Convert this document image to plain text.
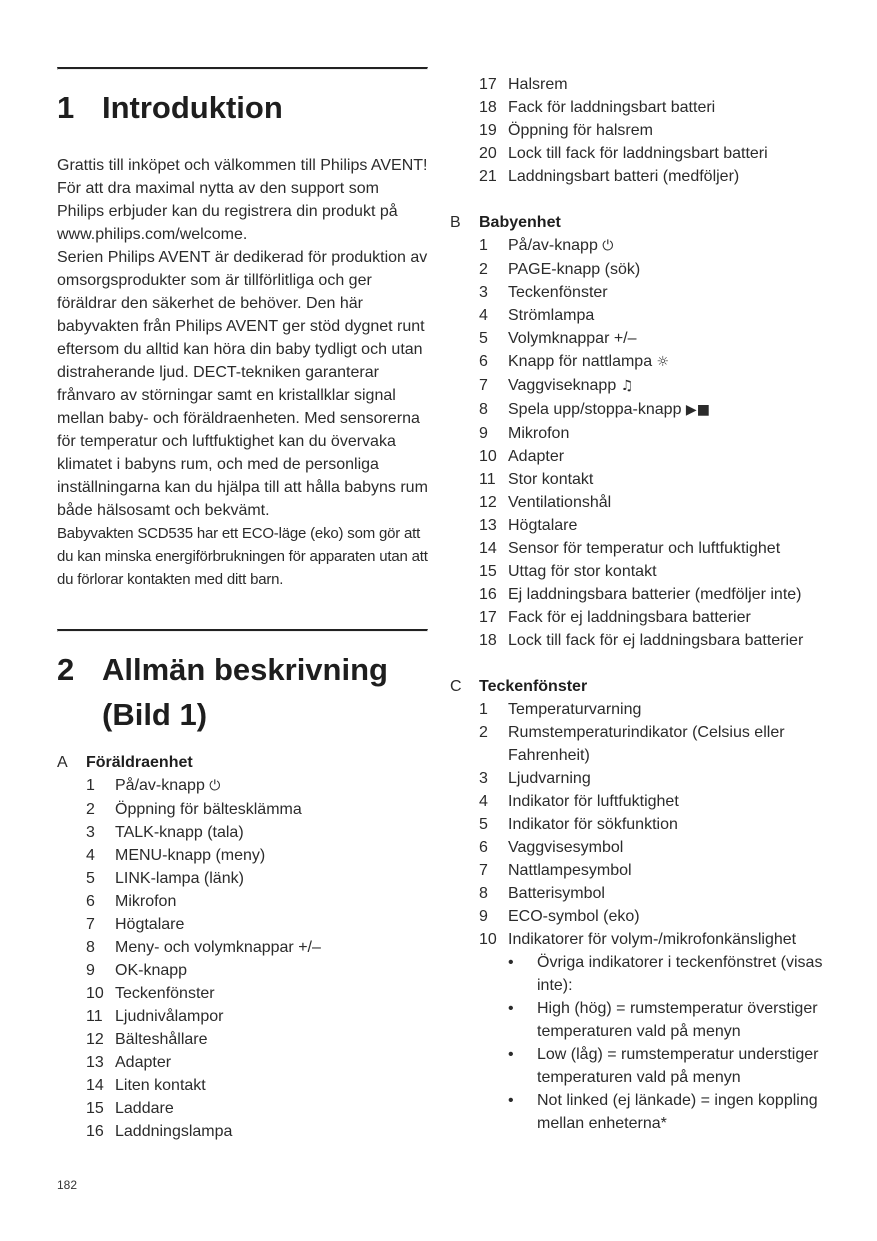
1 Introduktion

Grattis till inköpet och välkommen till Philips AVENT! För att dra maximal nytta av den support som Philips erbjuder kan du registrera din produkt på www.philips.com/welcome.

Serien Philips AVENT är dedikerad för produktion av omsorgsprodukter som är tillförlitliga och ger föräldrar den säkerhet de behöver. Den här babyvakten från Philips AVENT ger stöd dygnet runt eftersom du alltid kan höra din baby tydligt och utan distraherande ljud. DECT-tekniken garanterar frånvaro av störningar samt en kristallklar signal mellan baby- och föräldraenheten. Med sensorerna för temperatur och luftfuktighet kan du övervaka klimatet i babyns rum, och med de personliga inställningarna kan du hjälpa till att hålla babyns rum både hälsosamt och bekvämt.

Babyvakten SCD535 har ett ECO-läge (eko) som gör att du kan minska energiförbrukningen för apparaten utan att du förlorar kontakten med ditt barn.

2 Allmän beskrivning (Bild 1)
A	Föräldraenhet
1	På/av-knapp ⏻
2	Öppning för bältesklämma
3	TALK-knapp (tala)
4	MENU-knapp (meny)
5	LINK-lampa (länk)
6	Mikrofon
7	Högtalare
8	Meny- och volymknappar +/–
9	OK-knapp
10 Teckenfönster
11 Ljudnivålampor
12 Bälteshållare
13 Adapter
14 Liten kontakt
15 Laddare
16 Laddningslampa
17 Halsrem
18 Fack för laddningsbart batteri
19 Öppning för halsrem
20 Lock till fack för laddningsbart batteri
21 Laddningsbart batteri (medföljer)
B	Babyenhet
1	På/av-knapp ⏻
2	PAGE-knapp (sök)
3	Teckenfönster
4	Strömlampa
5	Volymknappar +/–
6	Knapp för nattlampa ☼
7	Vaggviseknapp ♫
8	Spela upp/stoppa-knapp ▶■
9	Mikrofon
10 Adapter
11 Stor kontakt
12 Ventilationshål
13 Högtalare
14 Sensor för temperatur och luftfuktighet
15 Uttag för stor kontakt
16 Ej laddningsbara batterier (medföljer inte)
17 Fack för ej laddningsbara batterier
18 Lock till fack för ej laddningsbara batterier
C	Teckenfönster
1	Temperaturvarning
2	Rumstemperaturindikator (Celsius eller Fahrenheit)
3	Ljudvarning
4	Indikator för luftfuktighet
5	Indikator för sökfunktion
6	Vaggvisesymbol
7	Nattlampesymbol
8	Batterisymbol
9	ECO-symbol (eko)
10 Indikatorer för volym-/mikrofonkänslighet
•	Övriga indikatorer i teckenfönstret (visas inte):
•	High (hög) = rumstemperatur överstiger temperaturen vald på menyn
•	Low (låg) = rumstemperatur understiger temperaturen vald på menyn
•	Not linked (ej länkade) = ingen koppling mellan enheterna*
182
